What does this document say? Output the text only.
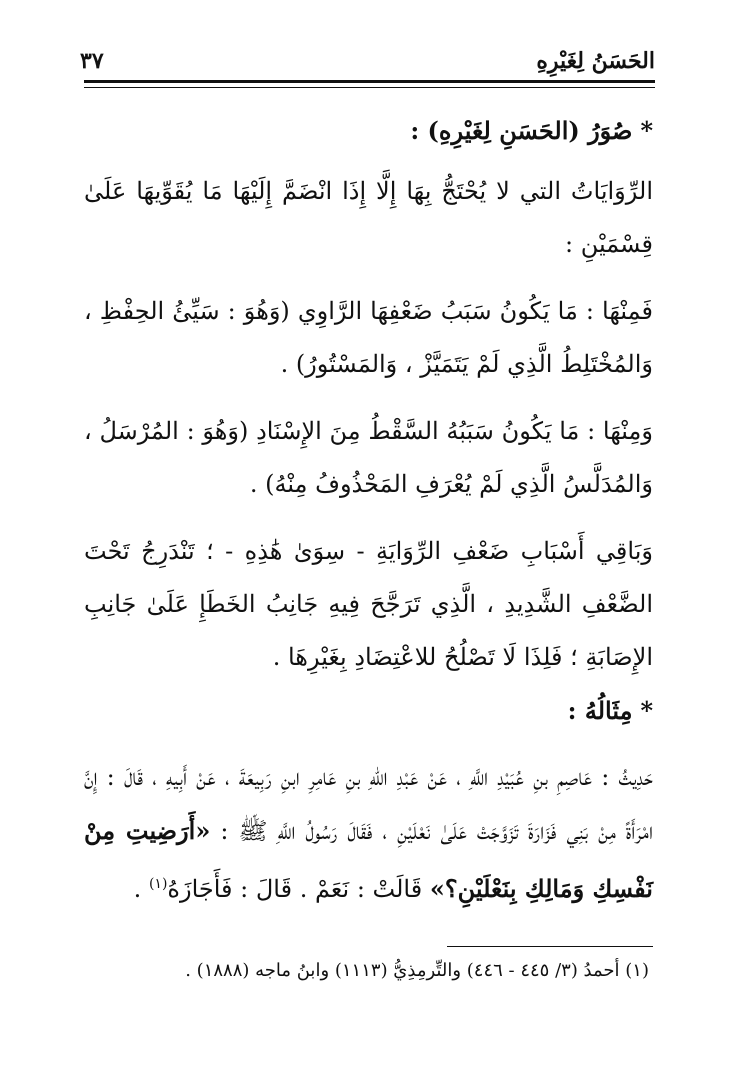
الحَسَنُ لِغَيْرِهِ
٣٧

*صُوَرُ (الحَسَنِ لِغَيْرِهِ) :

الرِّوَايَاتُ التي لا يُحْتَجُّ بِهَا إِلَّا إِذَا انْضَمَّ إِلَيْهَا مَا يُقَوِّيهَا عَلَىٰ قِسْمَيْنِ :

فَمِنْهَا : مَا يَكُونُ سَبَبُ ضَعْفِهَا الرَّاوِي (وَهُوَ : سَيِّئُ الحِفْظِ ، وَالمُخْتَلِطُ الَّذِي لَمْ يَتَمَيَّزْ ، وَالمَسْتُورُ) .

وَمِنْهَا : مَا يَكُونُ سَبَبُهُ السَّقْطُ مِنَ الإِسْنَادِ (وَهُوَ : المُرْسَلُ ، وَالمُدَلَّسُ الَّذِي لَمْ يُعْرَفِ المَحْذُوفُ مِنْهُ) .

وَبَاقِي أَسْبَابِ ضَعْفِ الرِّوَايَةِ - سِوَىٰ هَٰذِهِ - ؛ تَنْدَرِجُ تَحْتَ الضَّعْفِ الشَّدِيدِ ، الَّذِي تَرَجَّحَ فِيهِ جَانِبُ الخَطَإِ عَلَىٰ جَانِبِ الإِصَابَةِ ؛ فَلِذَا لَا تَصْلُحُ للاعْتِضَادِ بِغَيْرِهَا .

*مِثَالُهُ :

حَدِيثُ : عَاصِمِ بنِ عُبَيْدِ اللَّهِ ، عَنْ عَبْدِ اللهِ بنِ عَامِرِ ابنِ رَبِيعَةَ ، عَنْ أَبِيهِ ، قَالَ : إِنَّ امْرَأَةً مِنْ بَنِي فَزَارَةَ تَزَوَّجَتْ عَلَىٰ نَعْلَيْنِ ، فَقَالَ رَسُولُ اللَّهِ ﷺ : «أَرَضِيتِ مِنْ نَفْسِكِ وَمَالِكِ بِنَعْلَيْنِ؟» قَالَتْ : نَعَمْ . قَالَ : فَأَجَازَهُ$^{(١)}$ .

(١) أحمدُ (٣/ ٤٤٥ - ٤٤٦) والتِّرمِذِيُّ (١١١٣) وابنُ ماجه (١٨٨٨) .
